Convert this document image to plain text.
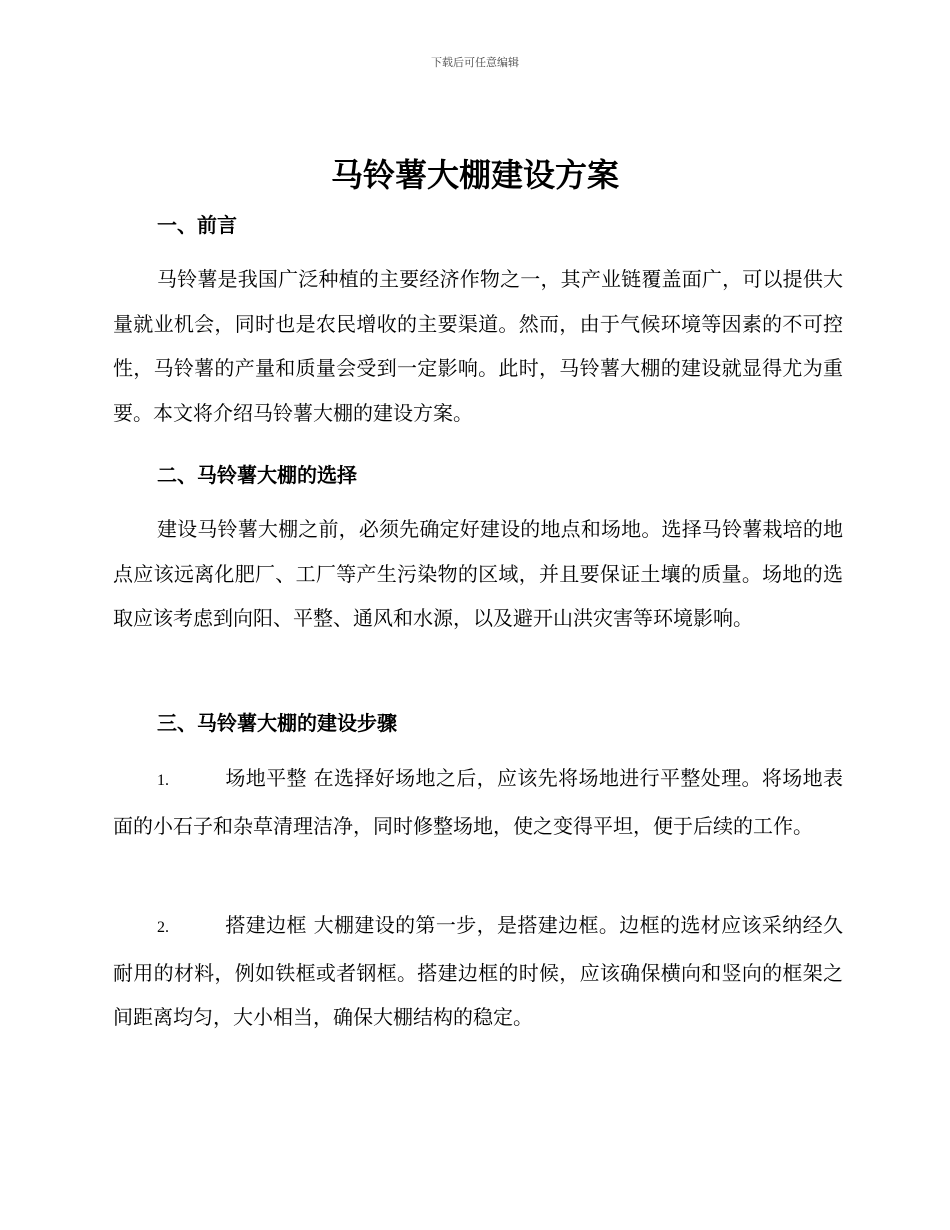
下载后可任意编辑
马铃薯大棚建设方案
一、前言

马铃薯是我国广泛种植的主要经济作物之一，其产业链覆盖面广，可以提供大量就业机会，同时也是农民增收的主要渠道。然而，由于气候环境等因素的不可控性，马铃薯的产量和质量会受到一定影响。此时，马铃薯大棚的建设就显得尤为重要。本文将介绍马铃薯大棚的建设方案。

二、马铃薯大棚的选择

建设马铃薯大棚之前，必须先确定好建设的地点和场地。选择马铃薯栽培的地点应该远离化肥厂、工厂等产生污染物的区域，并且要保证土壤的质量。场地的选取应该考虑到向阳、平整、通风和水源，以及避开山洪灾害等环境影响。

三、马铃薯大棚的建设步骤

1.	场地平整 在选择好场地之后，应该先将场地进行平整处理。将场地表面的小石子和杂草清理洁净，同时修整场地，使之变得平坦，便于后续的工作。

2.	搭建边框 大棚建设的第一步，是搭建边框。边框的选材应该采纳经久耐用的材料，例如铁框或者钢框。搭建边框的时候，应该确保横向和竖向的框架之间距离均匀，大小相当，确保大棚结构的稳定。
